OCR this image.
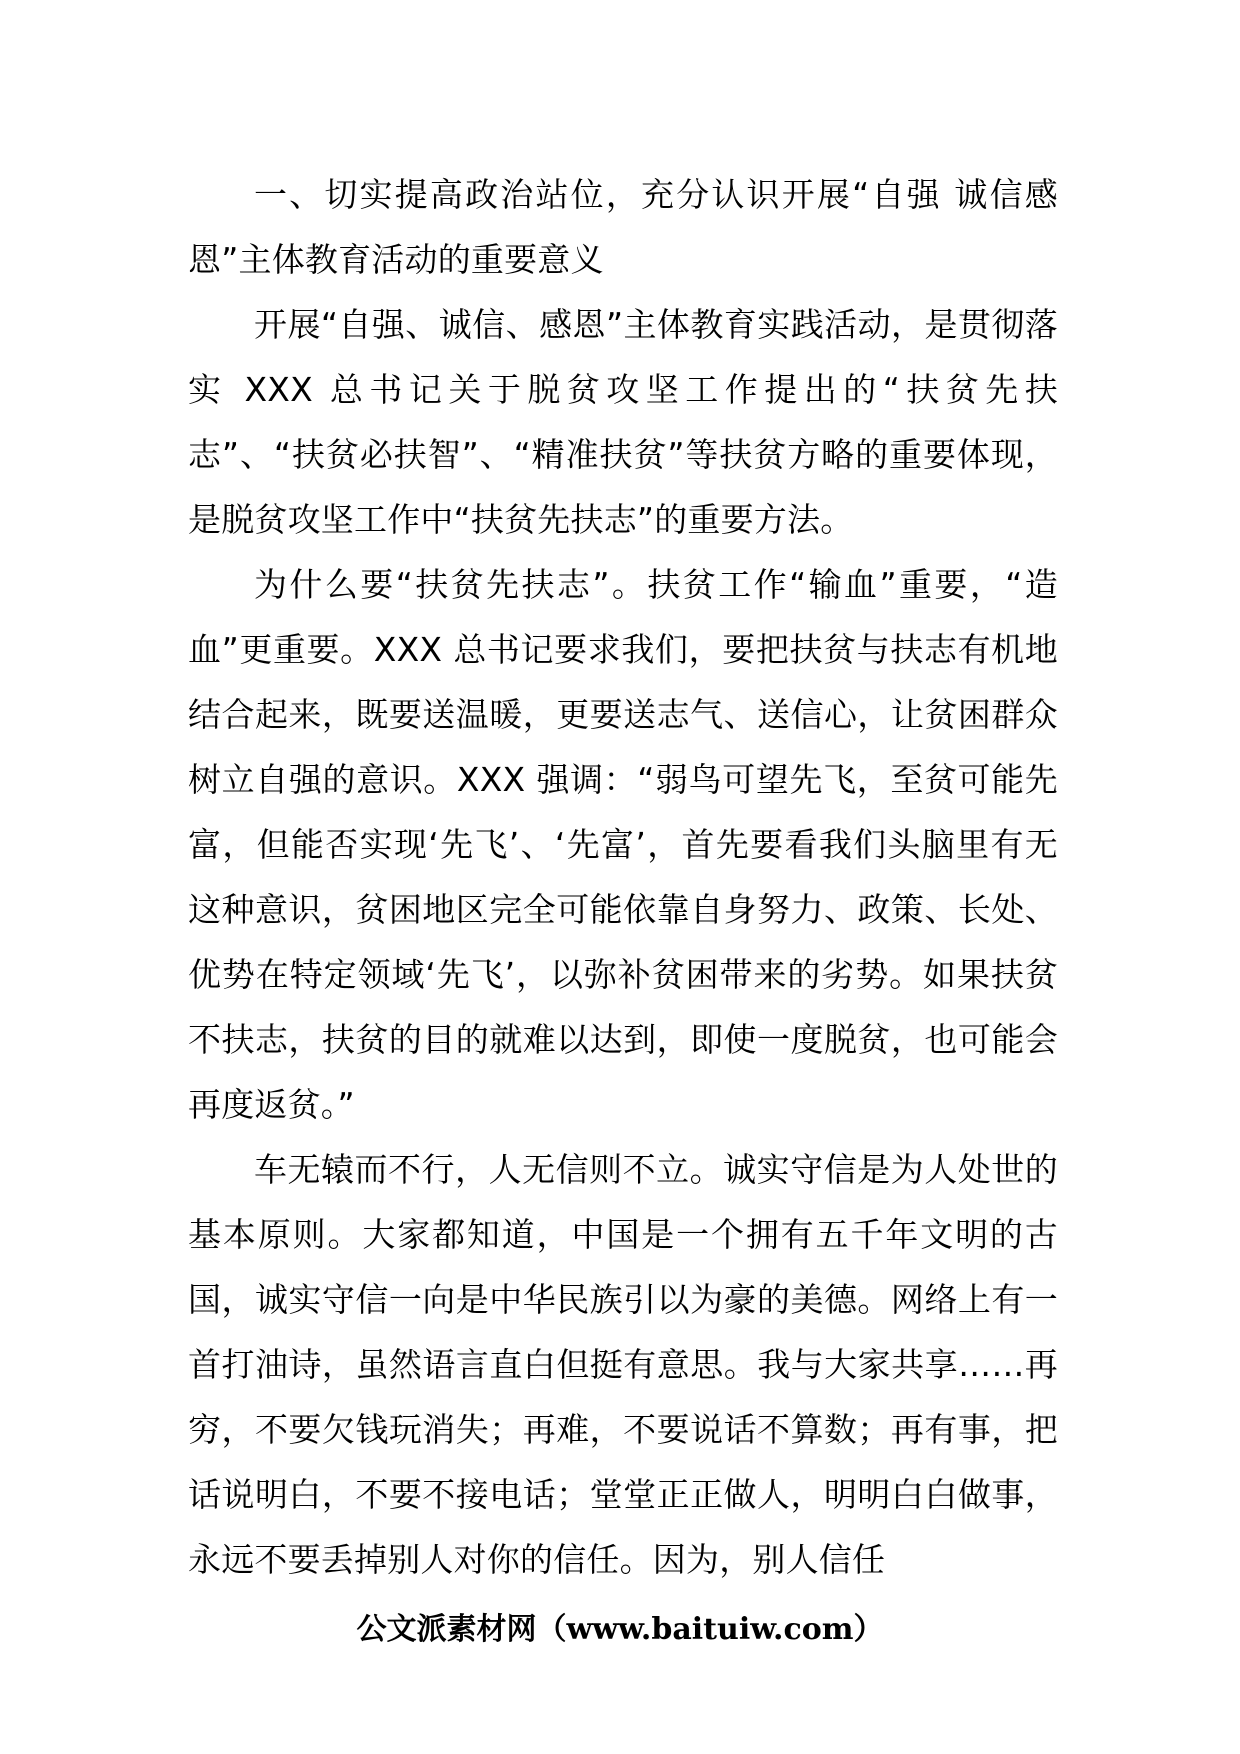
一、切实提高政治站位，充分认识开展“自强 诚信感恩”主体教育活动的重要意义

开展“自强、诚信、感恩”主体教育实践活动，是贯彻落实 XXX 总书记关于脱贫攻坚工作提出的“扶贫先扶志”、“扶贫必扶智”、“精准扶贫”等扶贫方略的重要体现，是脱贫攻坚工作中“扶贫先扶志”的重要方法。

为什么要“扶贫先扶志”。扶贫工作“输血”重要，“造血”更重要。XXX 总书记要求我们，要把扶贫与扶志有机地结合起来，既要送温暖，更要送志气、送信心，让贫困群众树立自强的意识。XXX 强调：“弱鸟可望先飞，至贫可能先富，但能否实现‘先飞’、‘先富’，首先要看我们头脑里有无这种意识，贫困地区完全可能依靠自身努力、政策、长处、优势在特定领域‘先飞’，以弥补贫困带来的劣势。如果扶贫不扶志，扶贫的目的就难以达到，即使一度脱贫，也可能会再度返贫。”

车无辕而不行，人无信则不立。诚实守信是为人处世的基本原则。大家都知道，中国是一个拥有五千年文明的古国，诚实守信一向是中华民族引以为豪的美德。网络上有一首打油诗，虽然语言直白但挺有意思。我与大家共享……再穷，不要欠钱玩消失；再难，不要说话不算数；再有事，把话说明白，不要不接电话；堂堂正正做人，明明白白做事，永远不要丢掉别人对你的信任。因为，别人信任

公文派素材网（www.baituiw.com）
